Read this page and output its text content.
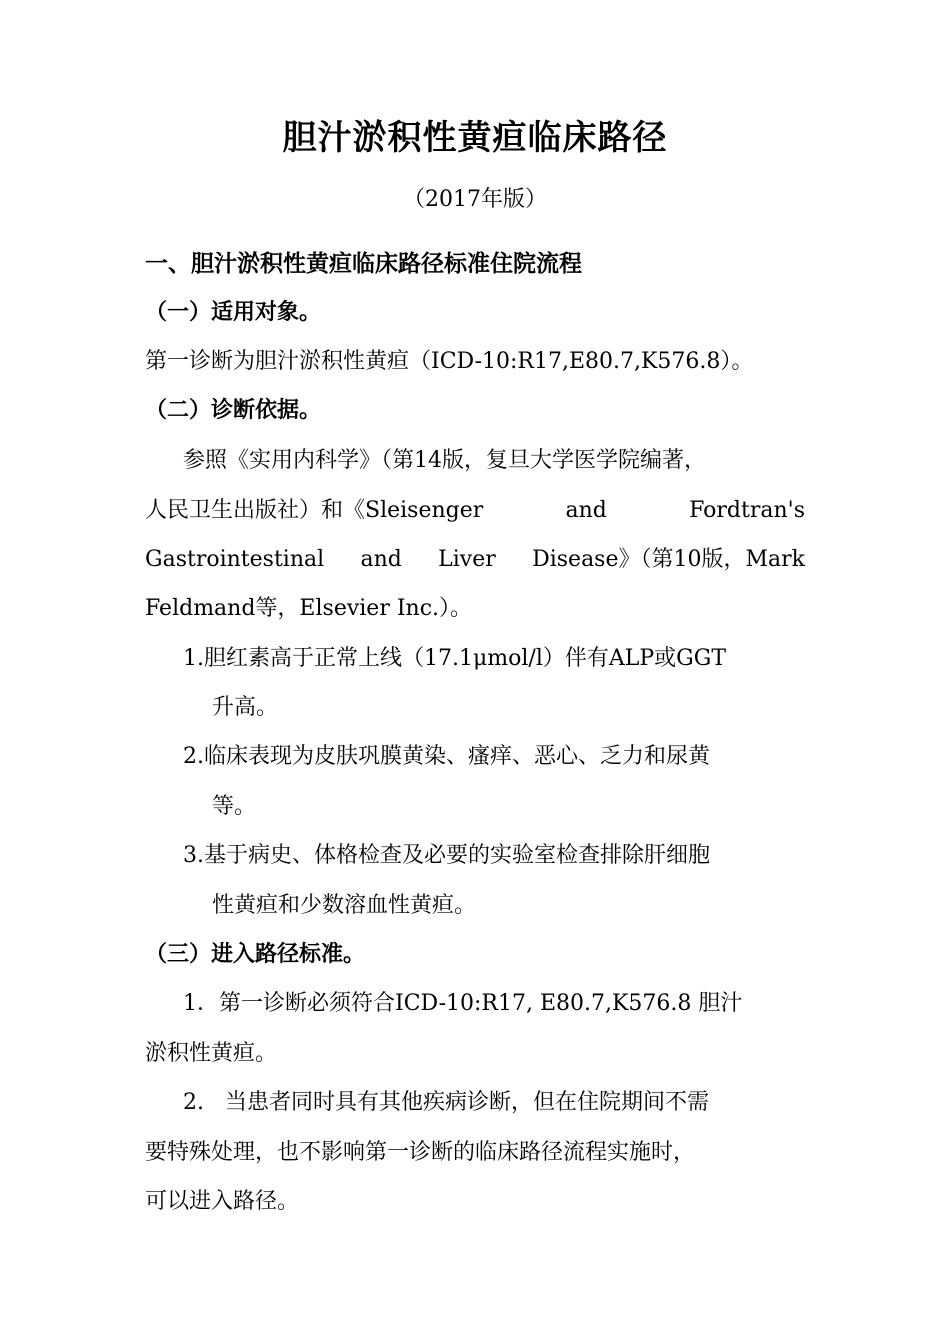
胆汁淤积性黄疸临床路径
（2017年版）
一、胆汁淤积性黄疸临床路径标准住院流程
（一）适用对象。
第一诊断为胆汁淤积性黄疸（ICD-10:R17,E80.7,K576.8）。
（二）诊断依据。
参照《实用内科学》（第14版，复旦大学医学院编著，
人民卫生出版社）和《Sleisenger	and	Fordtran's
Gastrointestinal and Liver Disease》（第10版，Mark
Feldmand等，Elsevier Inc.）。
1.胆红素高于正常上线（17.1μmol/l）伴有ALP或GGT
升高。
2.临床表现为皮肤巩膜黄染、瘙痒、恶心、乏力和尿黄
等。
3.基于病史、体格检查及必要的实验室检查排除肝细胞
性黄疸和少数溶血性黄疸。
（三）进入路径标准。
1．第一诊断必须符合ICD-10:R17, E80.7,K576.8 胆汁
淤积性黄疸。
2.   当患者同时具有其他疾病诊断，但在住院期间不需
要特殊处理，也不影响第一诊断的临床路径流程实施时，
可以进入路径。
